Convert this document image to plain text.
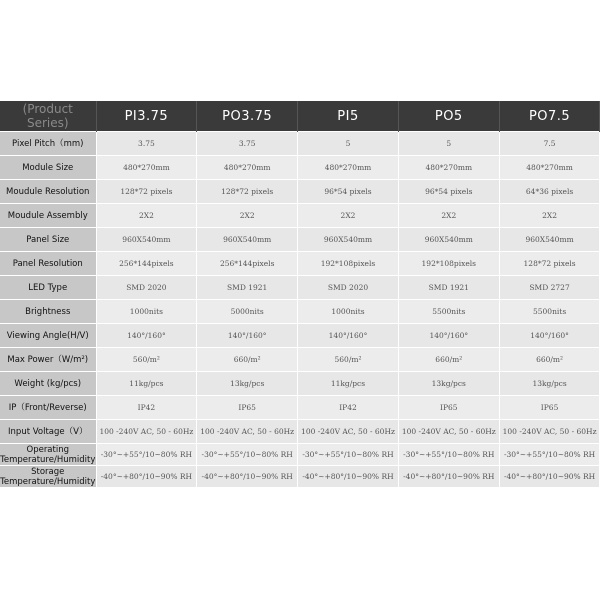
(Product Series)	PI3.75	PO3.75	PI5	PO5	PO7.5
Pixel Pitch（mm)	3.75	3.75	5	5	7.5
Module Size	480*270mm	480*270mm	480*270mm	480*270mm	480*270mm
Moudule Resolution	128*72 pixels	128*72 pixels	96*54 pixels	96*54 pixels	64*36 pixels
Moudule Assembly	2X2	2X2	2X2	2X2	2X2
Panel Size	960X540mm	960X540mm	960X540mm	960X540mm	960X540mm
Panel Resolution	256*144pixels	256*144pixels	192*108pixels	192*108pixels	128*72 pixels
LED Type	SMD 2020	SMD 1921	SMD 2020	SMD 1921	SMD 2727
Brightness	1000nits	5000nits	1000nits	5500nits	5500nits
Viewing Angle(H/V)	140°/160°	140°/160°	140°/160°	140°/160°	140°/160°
Max Power（W/m²)	560/m²	660/m²	560/m²	660/m²	660/m²
Weight (kg/pcs)	11kg/pcs	13kg/pcs	11kg/pcs	13kg/pcs	13kg/pcs
IP（Front/Reverse)	IP42	IP65	IP42	IP65	IP65
Input Voltage（V）	100 -240V AC, 50 - 60Hz	100 -240V AC, 50 - 60Hz	100 -240V AC, 50 - 60Hz	100 -240V AC, 50 - 60Hz	100 -240V AC, 50 - 60Hz
Operating Temperature/Humidity	-30°~+55°/10~80% RH	-30°~+55°/10~80% RH	-30°~+55°/10~80% RH	-30°~+55°/10~80% RH	-30°~+55°/10~80% RH
Storage Temperature/Humidity	-40°~+80°/10~90% RH	-40°~+80°/10~90% RH	-40°~+80°/10~90% RH	-40°~+80°/10~90% RH	-40°~+80°/10~90% RH
